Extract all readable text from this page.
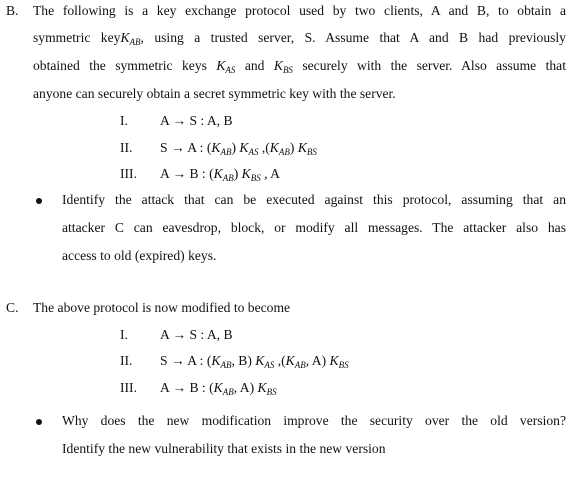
B. The following is a key exchange protocol used by two clients, A and B, to obtain a
symmetric keyK$_{AB}$, using a trusted server, S. Assume that A and B had previously
obtained the symmetric keys $K_{AS}$ and $K_{BS}$ securely with the server. Also assume that
anyone can securely obtain a secret symmetric key with the server.
I. A → S : A, B
II. S → A : $(K_{AB})$ $K_{AS}$ $,(K_{AB})$ $K_{BS}$
III. A → B : $(K_{AB})$ $K_{BS}$ , A
Identify the attack that can be executed against this protocol, assuming that an
attacker C can eavesdrop, block, or modify all messages. The attacker also has
access to old (expired) keys.
C. The above protocol is now modified to become
I. A → S : A, B
II. S → A : ($K_{AB}$, B) $K_{AS}$ $,(K_{AB}$, A) $K_{BS}$
III. A → B : ($K_{AB}$, A) $K_{BS}$
Why does the new modification improve the security over the old version?
Identify the new vulnerability that exists in the new version
